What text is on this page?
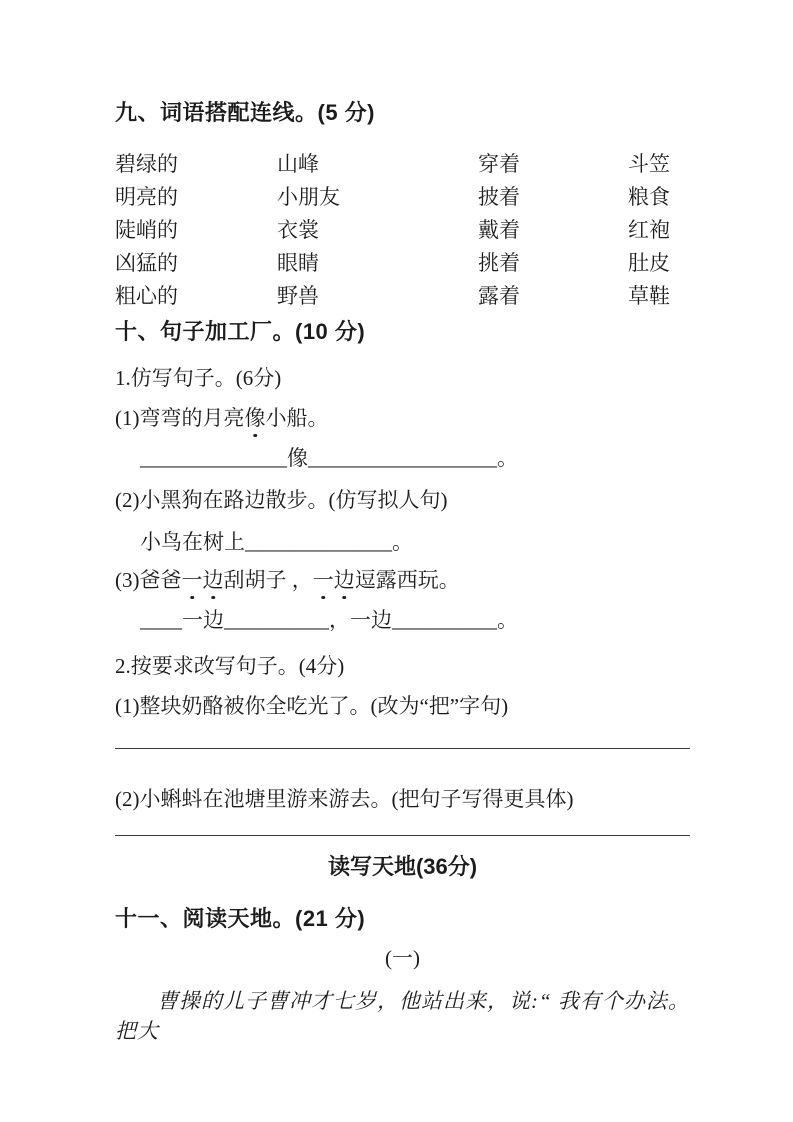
九、词语搭配连线。(5 分)
碧绿的	山峰	穿着	斗笠
明亮的	小朋友	披着	粮食
陡峭的	衣裳	戴着	红袍
凶猛的	眼睛	挑着	肚皮
粗心的	野兽	露着	草鞋
十、句子加工厂。(10 分)
1.仿写句子。(6分)
(1)弯弯的月亮像小船。
______________像__________________。
(2)小黑狗在路边散步。(仿写拟人句)
小鸟在树上______________。
(3)爸爸一边刮胡子 ，一边逗露西玩。
____一边__________，一边__________。
2.按要求改写句子。(4分)
(1)整块奶酪被你全吃光了。(改为“把”字句)
(2)小蝌蚪在池塘里游来游去。(把句子写得更具体)
读写天地(36分)
十一、阅读天地。(21 分)
(一)
曹操的儿子曹冲才七岁，他站出来，说:“ 我有个办法。 把大
